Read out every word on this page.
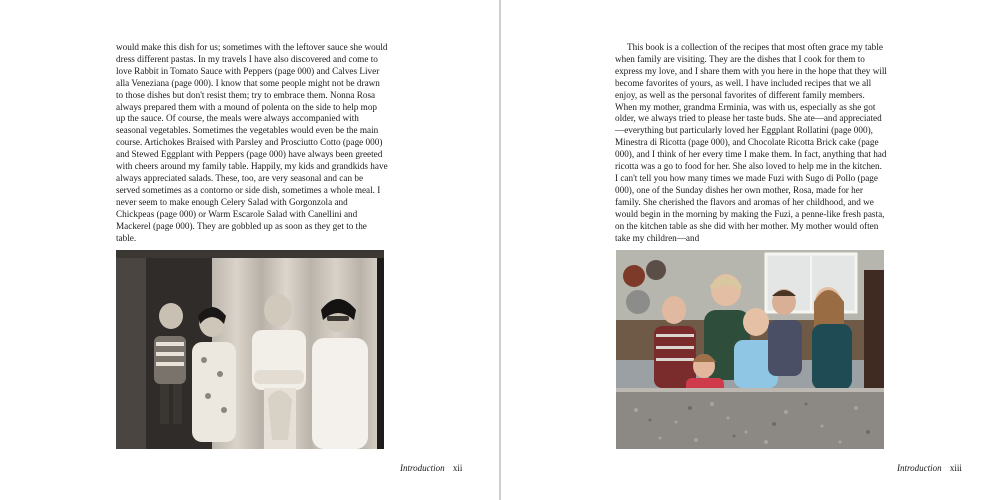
would make this dish for us; sometimes with the leftover sauce she would dress different pastas. In my travels I have also discovered and come to love Rabbit in Tomato Sauce with Peppers (page 000) and Calves Liver alla Veneziana (page 000). I know that some people might not be drawn to those dishes but don't resist them; try to embrace them. Nonna Rosa always prepared them with a mound of polenta on the side to help mop up the sauce. Of course, the meals were always accompanied with seasonal vegetables. Sometimes the vegetables would even be the main course. Artichokes Braised with Parsley and Prosciutto Cotto (page 000) and Stewed Eggplant with Peppers (page 000) have always been greeted with cheers around my family table. Happily, my kids and grandkids have always appreciated salads. These, too, are very seasonal and can be served sometimes as a contorno or side dish, sometimes a whole meal. I never seem to make enough Celery Salad with Gorgonzola and Chickpeas (page 000) or Warm Escarole Salad with Canellini and Mackerel (page 000). They are gobbled up as soon as they get to the table.

Introduction xii

This book is a collection of the recipes that most often grace my table when family are visiting. They are the dishes that I cook for them to express my love, and I share them with you here in the hope that they will become favorites of yours, as well. I have included recipes that we all enjoy, as well as the personal favorites of different family members. When my mother, grandma Erminia, was with us, especially as she got older, we always tried to please her taste buds. She ate—and appreciated—everything but particularly loved her Eggplant Rollatini (page 000), Minestra di Ricotta (page 000), and Chocolate Ricotta Brick cake (page 000), and I think of her every time I make them. In fact, anything that had ricotta was a go to food for her. She also loved to help me in the kitchen. I can't tell you how many times we made Fuzi with Sugo di Pollo (page 000), one of the Sunday dishes her own mother, Rosa, made for her family. She cherished the flavors and aromas of her childhood, and we would begin in the morning by making the Fuzi, a penne-like fresh pasta, on the kitchen table as she did with her mother. My mother would often take my children—and

Introduction xiii
